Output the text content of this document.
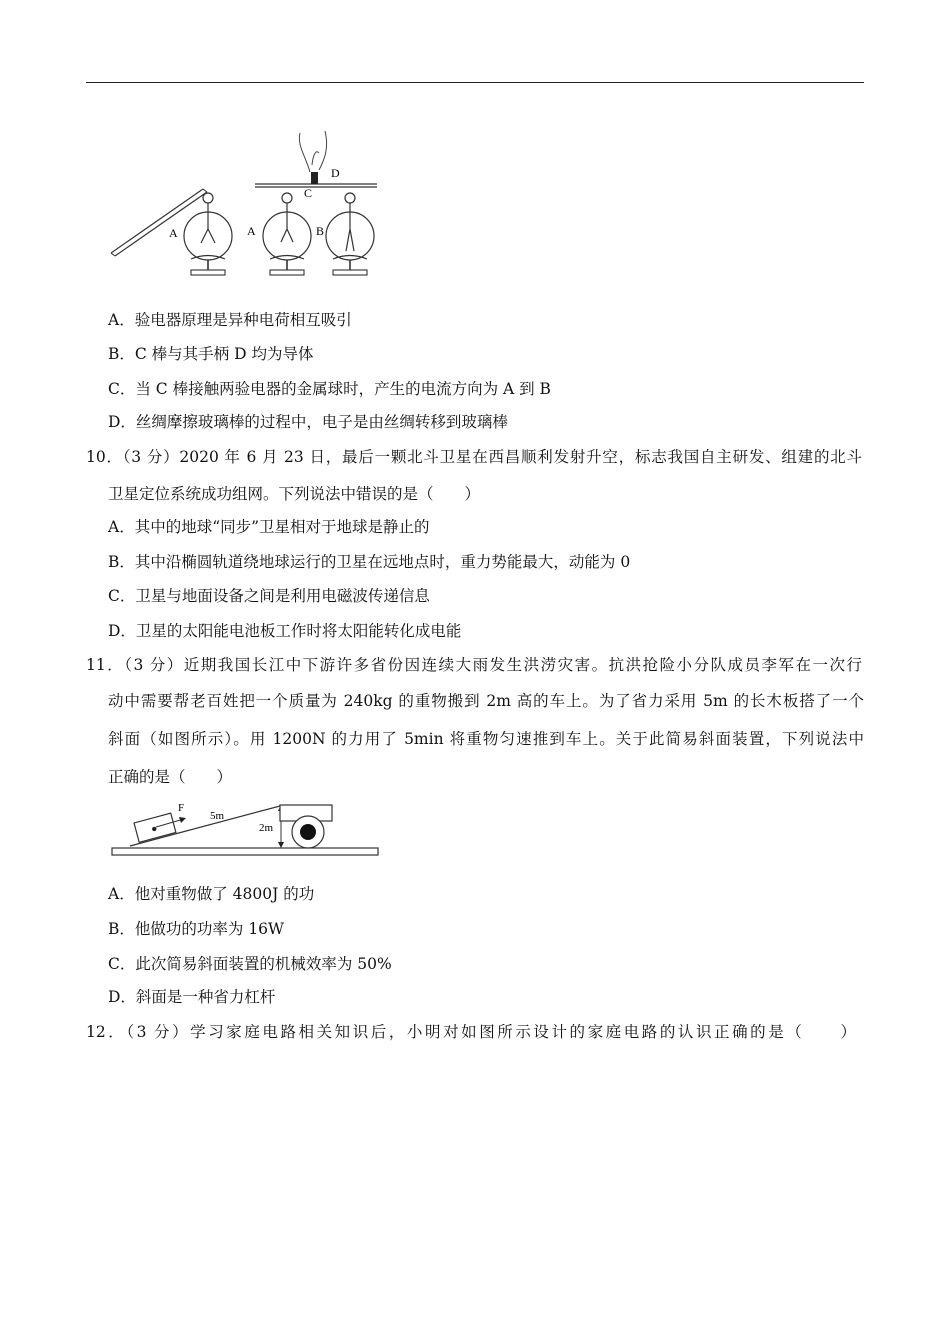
A
C
D
A	B
A．验电器原理是异种电荷相互吸引
B．C 棒与其手柄 D 均为导体
C．当 C 棒接触两验电器的金属球时，产生的电流方向为 A 到 B
D．丝绸摩擦玻璃棒的过程中，电子是由丝绸转移到玻璃棒
10．（3 分）2020 年 6 月 23 日，最后一颗北斗卫星在西昌顺利发射升空，标志我国自主研发、组建的北斗
卫星定位系统成功组网。下列说法中错误的是（　　）
A．其中的地球“同步”卫星相对于地球是静止的
B．其中沿椭圆轨道绕地球运行的卫星在远地点时，重力势能最大，动能为 0
C．卫星与地面设备之间是利用电磁波传递信息
D．卫星的太阳能电池板工作时将太阳能转化成电能
11．（3 分）近期我国长江中下游许多省份因连续大雨发生洪涝灾害。抗洪抢险小分队成员李军在一次行
动中需要帮老百姓把一个质量为 240kg 的重物搬到 2m 高的车上。为了省力采用 5m 的长木板搭了一个
斜面（如图所示）。用 1200N 的力用了 5min 将重物匀速推到车上。关于此简易斜面装置，下列说法中
正确的是（　　）
F
5m
2m
A．他对重物做了 4800J 的功
B．他做功的功率为 16W
C．此次简易斜面装置的机械效率为 50%
D．斜面是一种省力杠杆
12．（3 分）学习家庭电路相关知识后，小明对如图所示设计的家庭电路的认识正确的是（　　）
